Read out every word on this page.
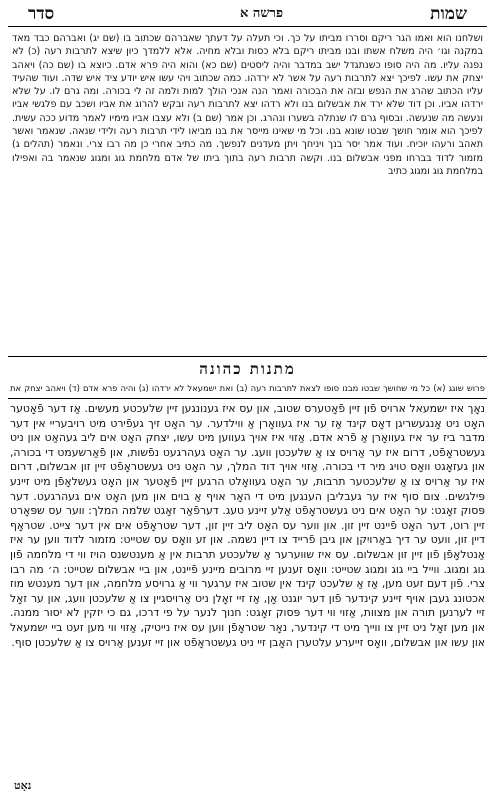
סדר	פרשה א	שמות
ושלחנו הוא ואמו הגר ריקם וסררו מביתו על כך. וכי תעלה על דעתך שאברהם שכתוב בו (שם יג) ואברהם כבד מאד במקנה וגו׳ היה משלח אשתו ובנו מביתו ריקם בלא כסות ובלא מחיה. אלא ללמדך כיון שיצא לתרבות רעה (כ) לא נפנה עליו. מה היה סופו כשנתגדל ישב במדבר והיה ליסטים (שם כא) והוא היה פרא אדם. כיוצא בו (שם כה) ויאהב יצחק את עשו. לפיכך יצא לתרבות רעה על אשר לא ירדהו. כמה שכתוב ויהי עשו איש יודע ציד איש שדה. ועוד שהעיד עליו הכתוב שהרג את הנפש ובזה את הבכורה ואמר הנה אנכי הולך למות ולמה זה לי בכורה. ומה גרם לו. על שלא ירדהו אביו. וכן דוד שלא ירד את אבשלום בנו ולא רדהו יצא לתרבות רעה ובקש להרוג את אביו ושכב עם פלגשי אביו ונעשה מה שנעשה. ובסוף גרם לו שנתלה בשערו ונהרג. וכן אמר (שם ב) ולא עצבו אביו מימיו לאמר מדוע ככה עשית. לפיכך הוא אומר חושך שבטו שונא בנו. וכל מי שאינו מייסר את בנו מביאו לידי תרבות רעה ולידי שנאה. שנאמר ואשר תאהב ורעהו יוכיח. ועוד אמר יסר בנך ויניחך ויתן מעדנים לנפשך. מה כתיב אחרי כן מה רבו צרי. ונאמר (תהלים ג) מזמור לדוד בברחו מפני אבשלום בנו. וקשה תרבות רעה בתוך ביתו של אדם מלחמת גוג ומגוג שנאמר בה ואפילו במלחמת גוג ומגוג כתיב
מתנות כהונה
פרוש שוגג (א) כל מי שחושך שבטו מבנו סופו לצאת לתרבות רעה (ב) ואת ישמעאל לא ירדהו (ג) והיה פרא אדם (ד) ויאהב יצחק את
נאָך איז ישמעאל ארויס פֿון זיין פֿאָטערס שטוב, און עס איז גענונגען זיין שלעכטע מעשים. אַז דער פֿאָטער האָט ניט אָנגעשריגן דאָס קינד אַז ער איז געוואָרן אַ ווילדער. ער האָט זיך געפֿירט מיט רויבעריי אין דער מדבר ביז ער איז געוואָרן אַ פֿרא אדם. אַזוי איז אויך געווען מיט עשו, יצחק האָט אים ליב געהאַט און ניט געשטראָפֿט, דרום איז ער אַרויס צו אַ שלעכטן וועג. ער האָט געהרגעט נפֿשות, און פֿאַרשעמט די בכורה, און געזאָגט וואָס טויג מיר די בכורה. אַזוי אויך דוד המלך, ער האָט ניט געשטראָפֿט זיין זון אבשלום, דרום איז ער אַרויס צו אַ שלעכטער תרבות, ער האָט געוואָלט הרגען זיין פֿאָטער און האָט געשלאָפֿן מיט זיינע פּילגשים. צום סוף איז ער געבליבן הענגען מיט די האָר אויף אַ בוים און מען האָט אים געהרגעט. דער פּסוק זאָגט: ער האָט אים ניט געשטראָפֿט אַלע זיינע טעג. דערפֿאַר זאָגט שלמה המלך: ווער עס שפּאָרט זיין רוט, דער האָט פֿיינט זיין זון. און ווער עס האָט ליב זיין זון, דער שטראָפֿט אים אין דער צייט. שטראָף דיין זון, וועט ער דיך באַרויִקן און גיבן פֿרייד צו דיין נשמה. און זע וואָס עס שטייט: מזמור לדוד ווען ער איז אַנטלאָפֿן פֿון זיין זון אבשלום. עס איז שווערער אַ שלעכטע תרבות אין אַ מענטשנס הויז ווי די מלחמה פֿון גוג ומגוג. ווייל ביי גוג ומגוג שטייט: וואָס זענען זיי מרובים מיינע פֿיינט, און ביי אבשלום שטייט: ה׳ מה רבו צרי. פֿון דעם זעט מען, אַז אַ שלעכט קינד אין שטוב איז ערגער ווי אַ גרויסע מלחמה, און דער מענטש מוז אכטונג געבן אויף זיינע קינדער פֿון דער יוגנט אָן, אַז זיי זאָלן ניט אַרויסגיין צו אַ שלעכטן וועג, און ער זאָל זיי לערנען תורה און מצוות, אַזוי ווי דער פּסוק זאָגט: חנוך לנער על פי דרכו, גם כי יזקין לא יסור ממנה. און מען זאָל ניט זיין צו ווייך מיט די קינדער, נאָר שטראָפֿן ווען עס איז נייטיק, אַזוי ווי מען זעט ביי ישמעאל און עשו און אבשלום, וואָס זייערע עלטערן האָבן זיי ניט געשטראָפֿט און זיי זענען אַרויס צו אַ שלעכטן סוף.
נאָט
